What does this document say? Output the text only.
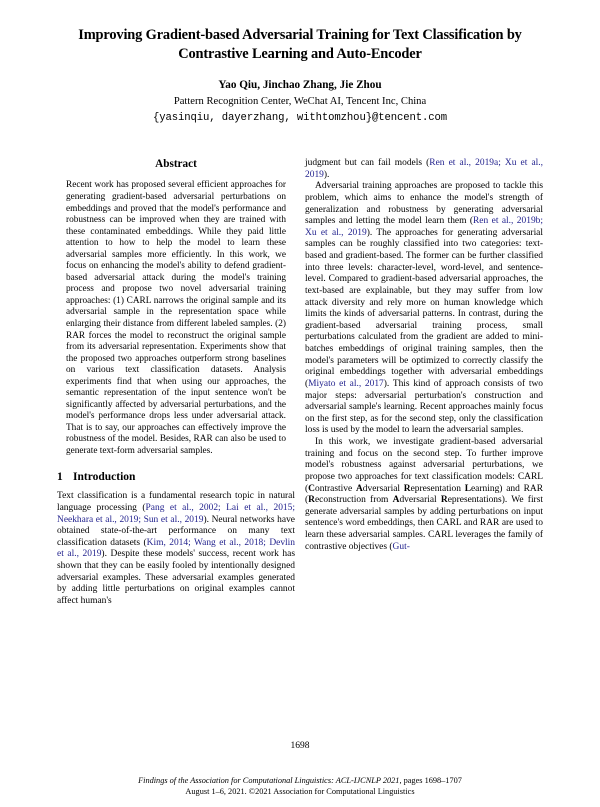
Improving Gradient-based Adversarial Training for Text Classification by Contrastive Learning and Auto-Encoder
Yao Qiu, Jinchao Zhang, Jie Zhou
Pattern Recognition Center, WeChat AI, Tencent Inc, China
{yasinqiu, dayerzhang, withtomzhou}@tencent.com
Abstract
Recent work has proposed several efficient approaches for generating gradient-based adversarial perturbations on embeddings and proved that the model's performance and robustness can be improved when they are trained with these contaminated embeddings. While they paid little attention to how to help the model to learn these adversarial samples more efficiently. In this work, we focus on enhancing the model's ability to defend gradient-based adversarial attack during the model's training process and propose two novel adversarial training approaches: (1) CARL narrows the original sample and its adversarial sample in the representation space while enlarging their distance from different labeled samples. (2) RAR forces the model to reconstruct the original sample from its adversarial representation. Experiments show that the proposed two approaches outperform strong baselines on various text classification datasets. Analysis experiments find that when using our approaches, the semantic representation of the input sentence won't be significantly affected by adversarial perturbations, and the model's performance drops less under adversarial attack. That is to say, our approaches can effectively improve the robustness of the model. Besides, RAR can also be used to generate text-form adversarial samples.
1 Introduction

Text classification is a fundamental research topic in natural language processing (Pang et al., 2002; Lai et al., 2015; Neekhara et al., 2019; Sun et al., 2019). Neural networks have obtained state-of-the-art performance on many text classification datasets (Kim, 2014; Wang et al., 2018; Devlin et al., 2019). Despite these models' success, recent work has shown that they can be easily fooled by intentionally designed adversarial examples. These adversarial examples generated by adding little perturbations on original examples cannot affect human's

judgment but can fail models (Ren et al., 2019a; Xu et al., 2019).

Adversarial training approaches are proposed to tackle this problem, which aims to enhance the model's strength of generalization and robustness by generating adversarial samples and letting the model learn them (Ren et al., 2019b; Xu et al., 2019). The approaches for generating adversarial samples can be roughly classified into two categories: text-based and gradient-based. The former can be further classified into three levels: character-level, word-level, and sentence-level. Compared to gradient-based adversarial approaches, the text-based are explainable, but they may suffer from low attack diversity and rely more on human knowledge which limits the kinds of adversarial patterns. In contrast, during the gradient-based adversarial training process, small perturbations calculated from the gradient are added to mini-batches embeddings of original training samples, then the model's parameters will be optimized to correctly classify the original embeddings together with adversarial embeddings (Miyato et al., 2017). This kind of approach consists of two major steps: adversarial perturbation's construction and adversarial sample's learning. Recent approaches mainly focus on the first step, as for the second step, only the classification loss is used by the model to learn the adversarial samples.

In this work, we investigate gradient-based adversarial training and focus on the second step. To further improve model's robustness against adversarial perturbations, we propose two approaches for text classification models: CARL (Contrastive Adversarial Representation Learning) and RAR (Reconstruction from Adversarial Representations). We first generate adversarial samples by adding perturbations on input sentence's word embeddings, then CARL and RAR are used to learn these adversarial samples. CARL leverages the family of contrastive objectives (Gut-

1698
Findings of the Association for Computational Linguistics: ACL-IJCNLP 2021, pages 1698–1707
August 1–6, 2021. ©2021 Association for Computational Linguistics
